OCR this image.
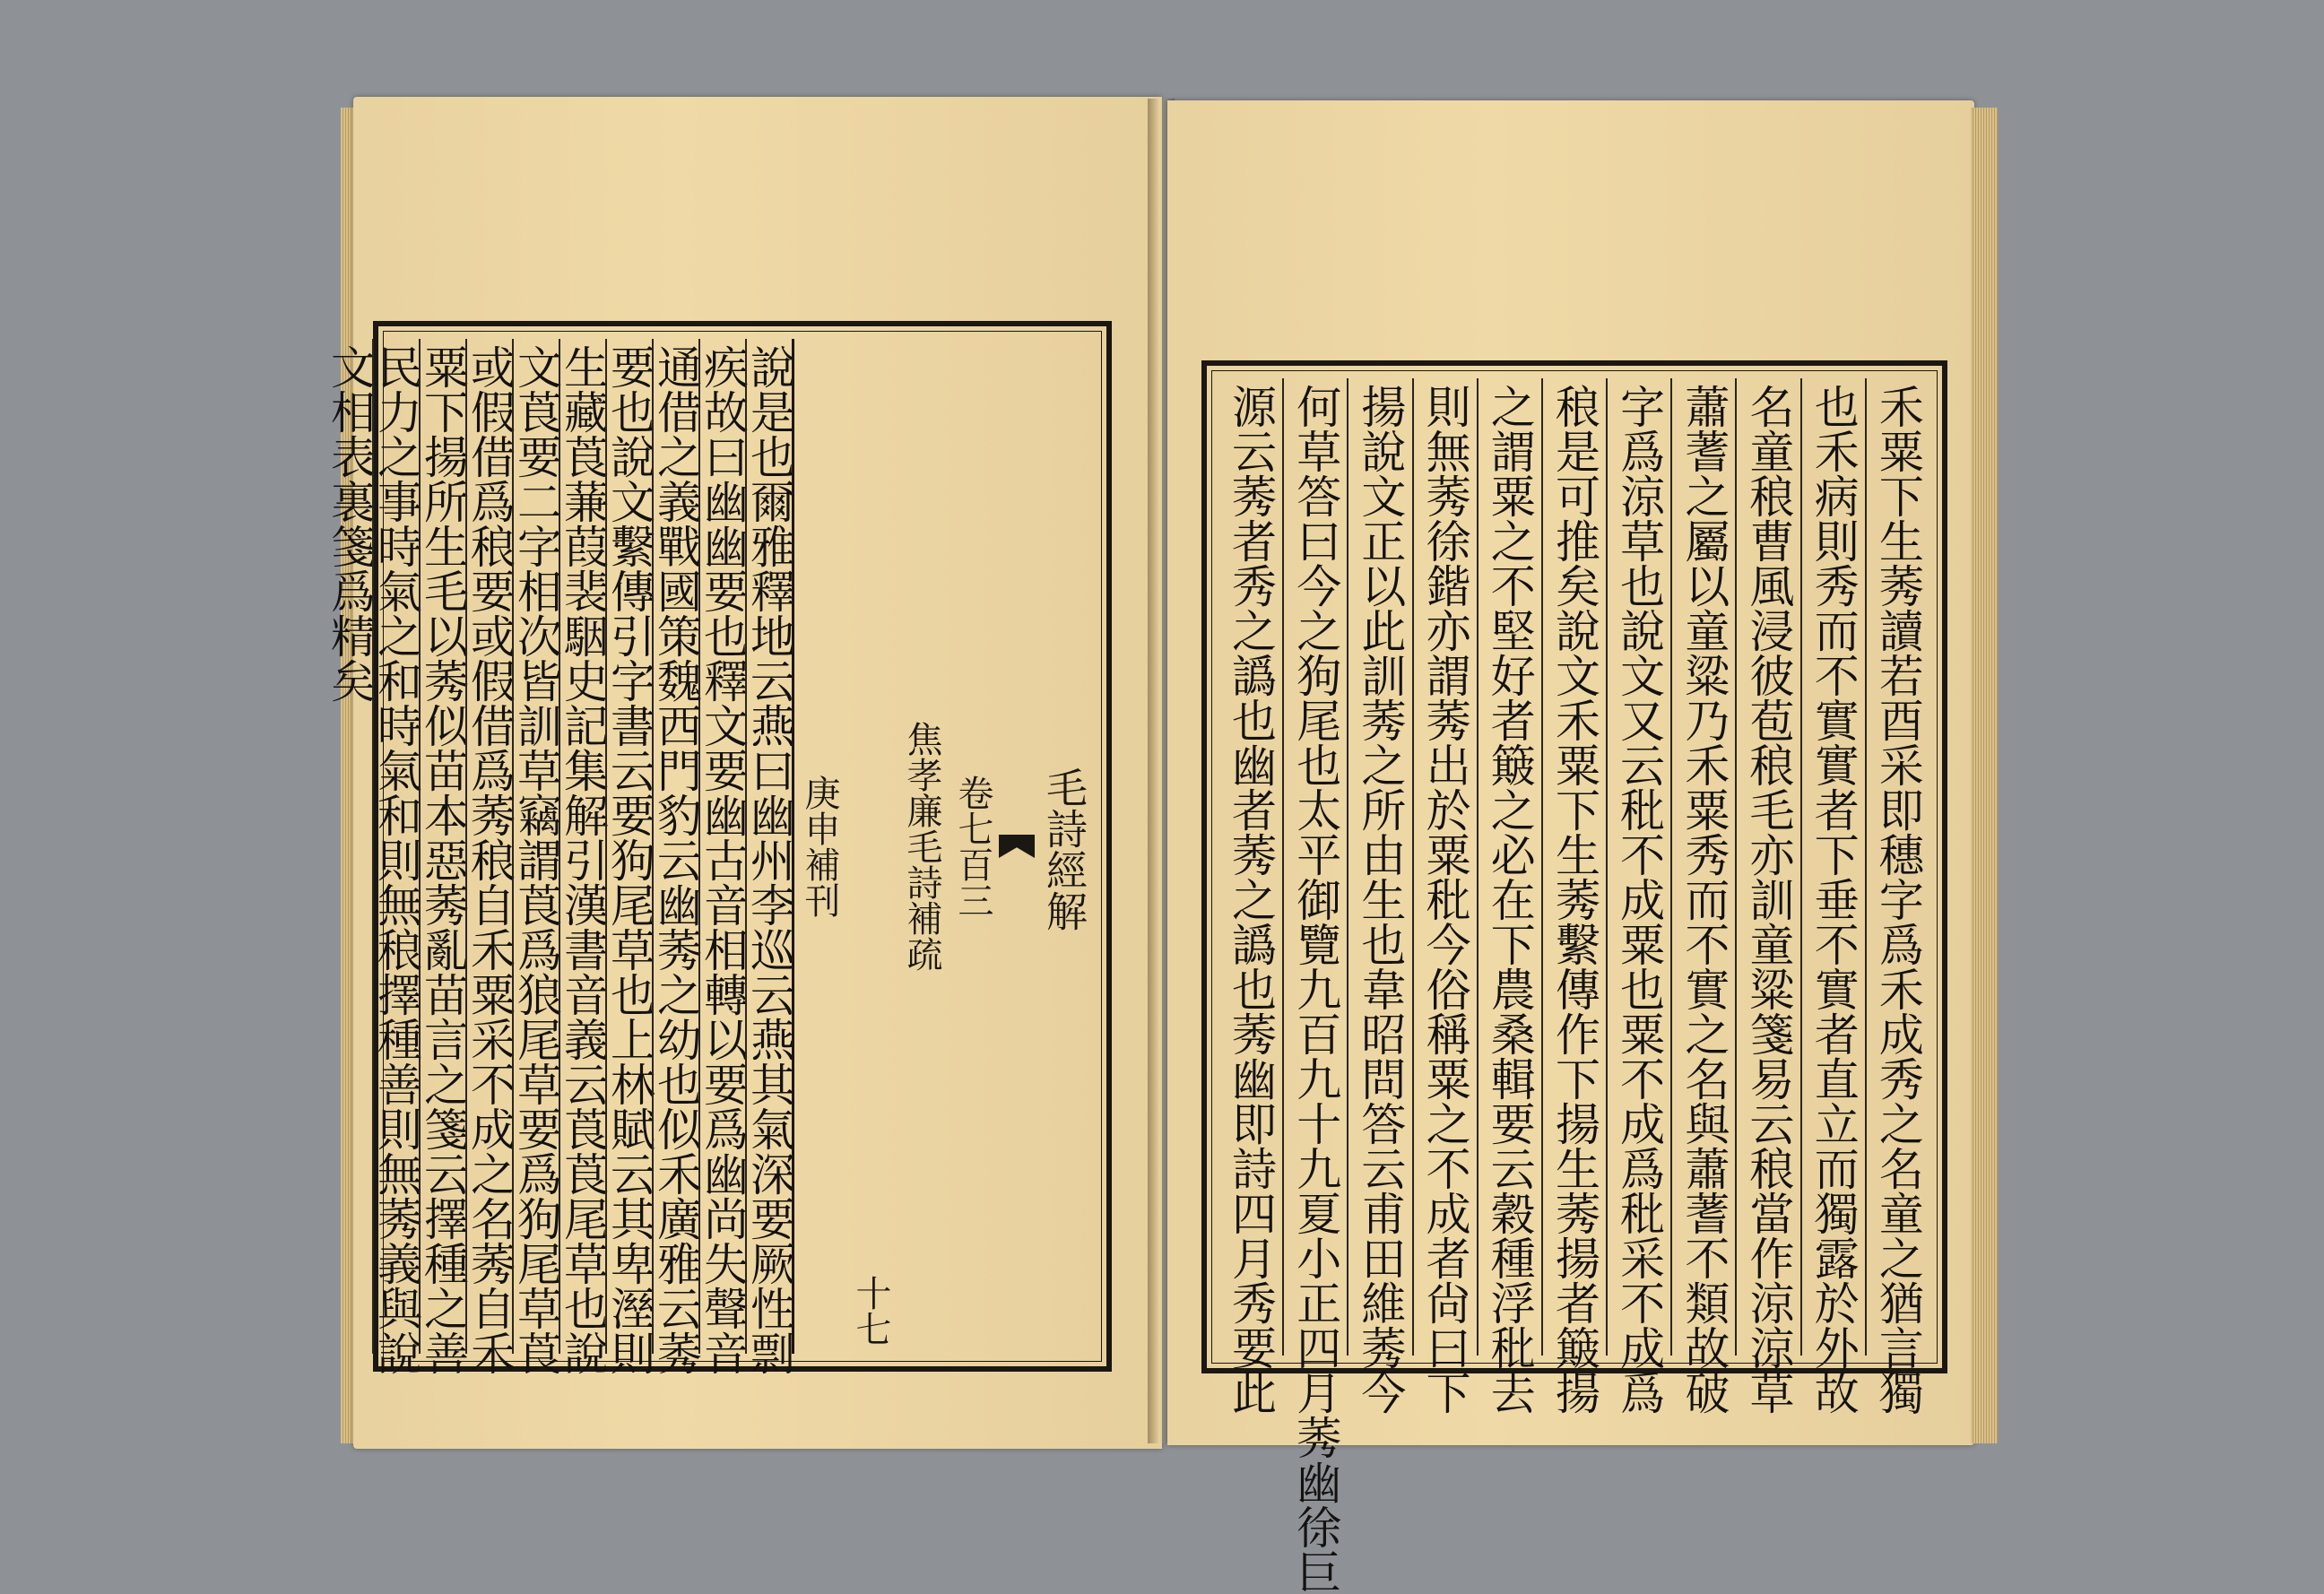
毛詩經解
卷七百三
焦孝廉毛詩補疏
十七
庚申補刊
說是也爾雅釋地云燕曰幽州李巡云燕其氣深要厥性剽
疾故曰幽幽要也釋文要幽古音相轉以要爲幽尚失聲音
通借之義戰國策魏西門豹云幽莠之幼也似禾廣雅云莠
要也說文繫傳引字書云要狗尾草也上林賦云其卑溼則
生藏莨蒹葭裴駰史記集解引漢書音義云莨莨尾草也說
文莨要二字相次皆訓草竊謂莨爲狼尾草要爲狗尾草莨
或假借爲稂要或假借爲莠稂自禾粟采不成之名莠自禾
粟下揚所生毛以莠似苗本惡莠亂苗言之箋云擇種之善
民力之事時氣之和時氣和則無稂擇種善則無莠義與說
文相表裏箋爲精矣	禾粟下生莠讀若酉采即穗字爲禾成秀之名童之猶言獨
也禾病則秀而不實實者下垂不實者直立而獨露於外故
名童稂曹風浸彼苞稂毛亦訓童粱箋易云稂當作涼涼草
蕭蓍之屬以童粱乃禾粟秀而不實之名與蕭蓍不類故破
字爲涼草也說文又云秕不成粟也粟不成爲秕采不成爲
稂是可推矣說文禾粟下生莠繫傳作下揚生莠揚者簸揚
之謂粟之不堅好者簸之必在下農桑輯要云穀種浮秕去
則無莠徐鍇亦謂莠出於粟秕今俗稱粟之不成者尙曰下
揚說文正以此訓莠之所由生也韋昭問答云甫田維莠今
何草答曰今之狗尾也太平御覽九百九十九夏小正四月莠幽徐巨
源云莠者秀之譌也幽者莠之譌也莠幽即詩四月秀要此
